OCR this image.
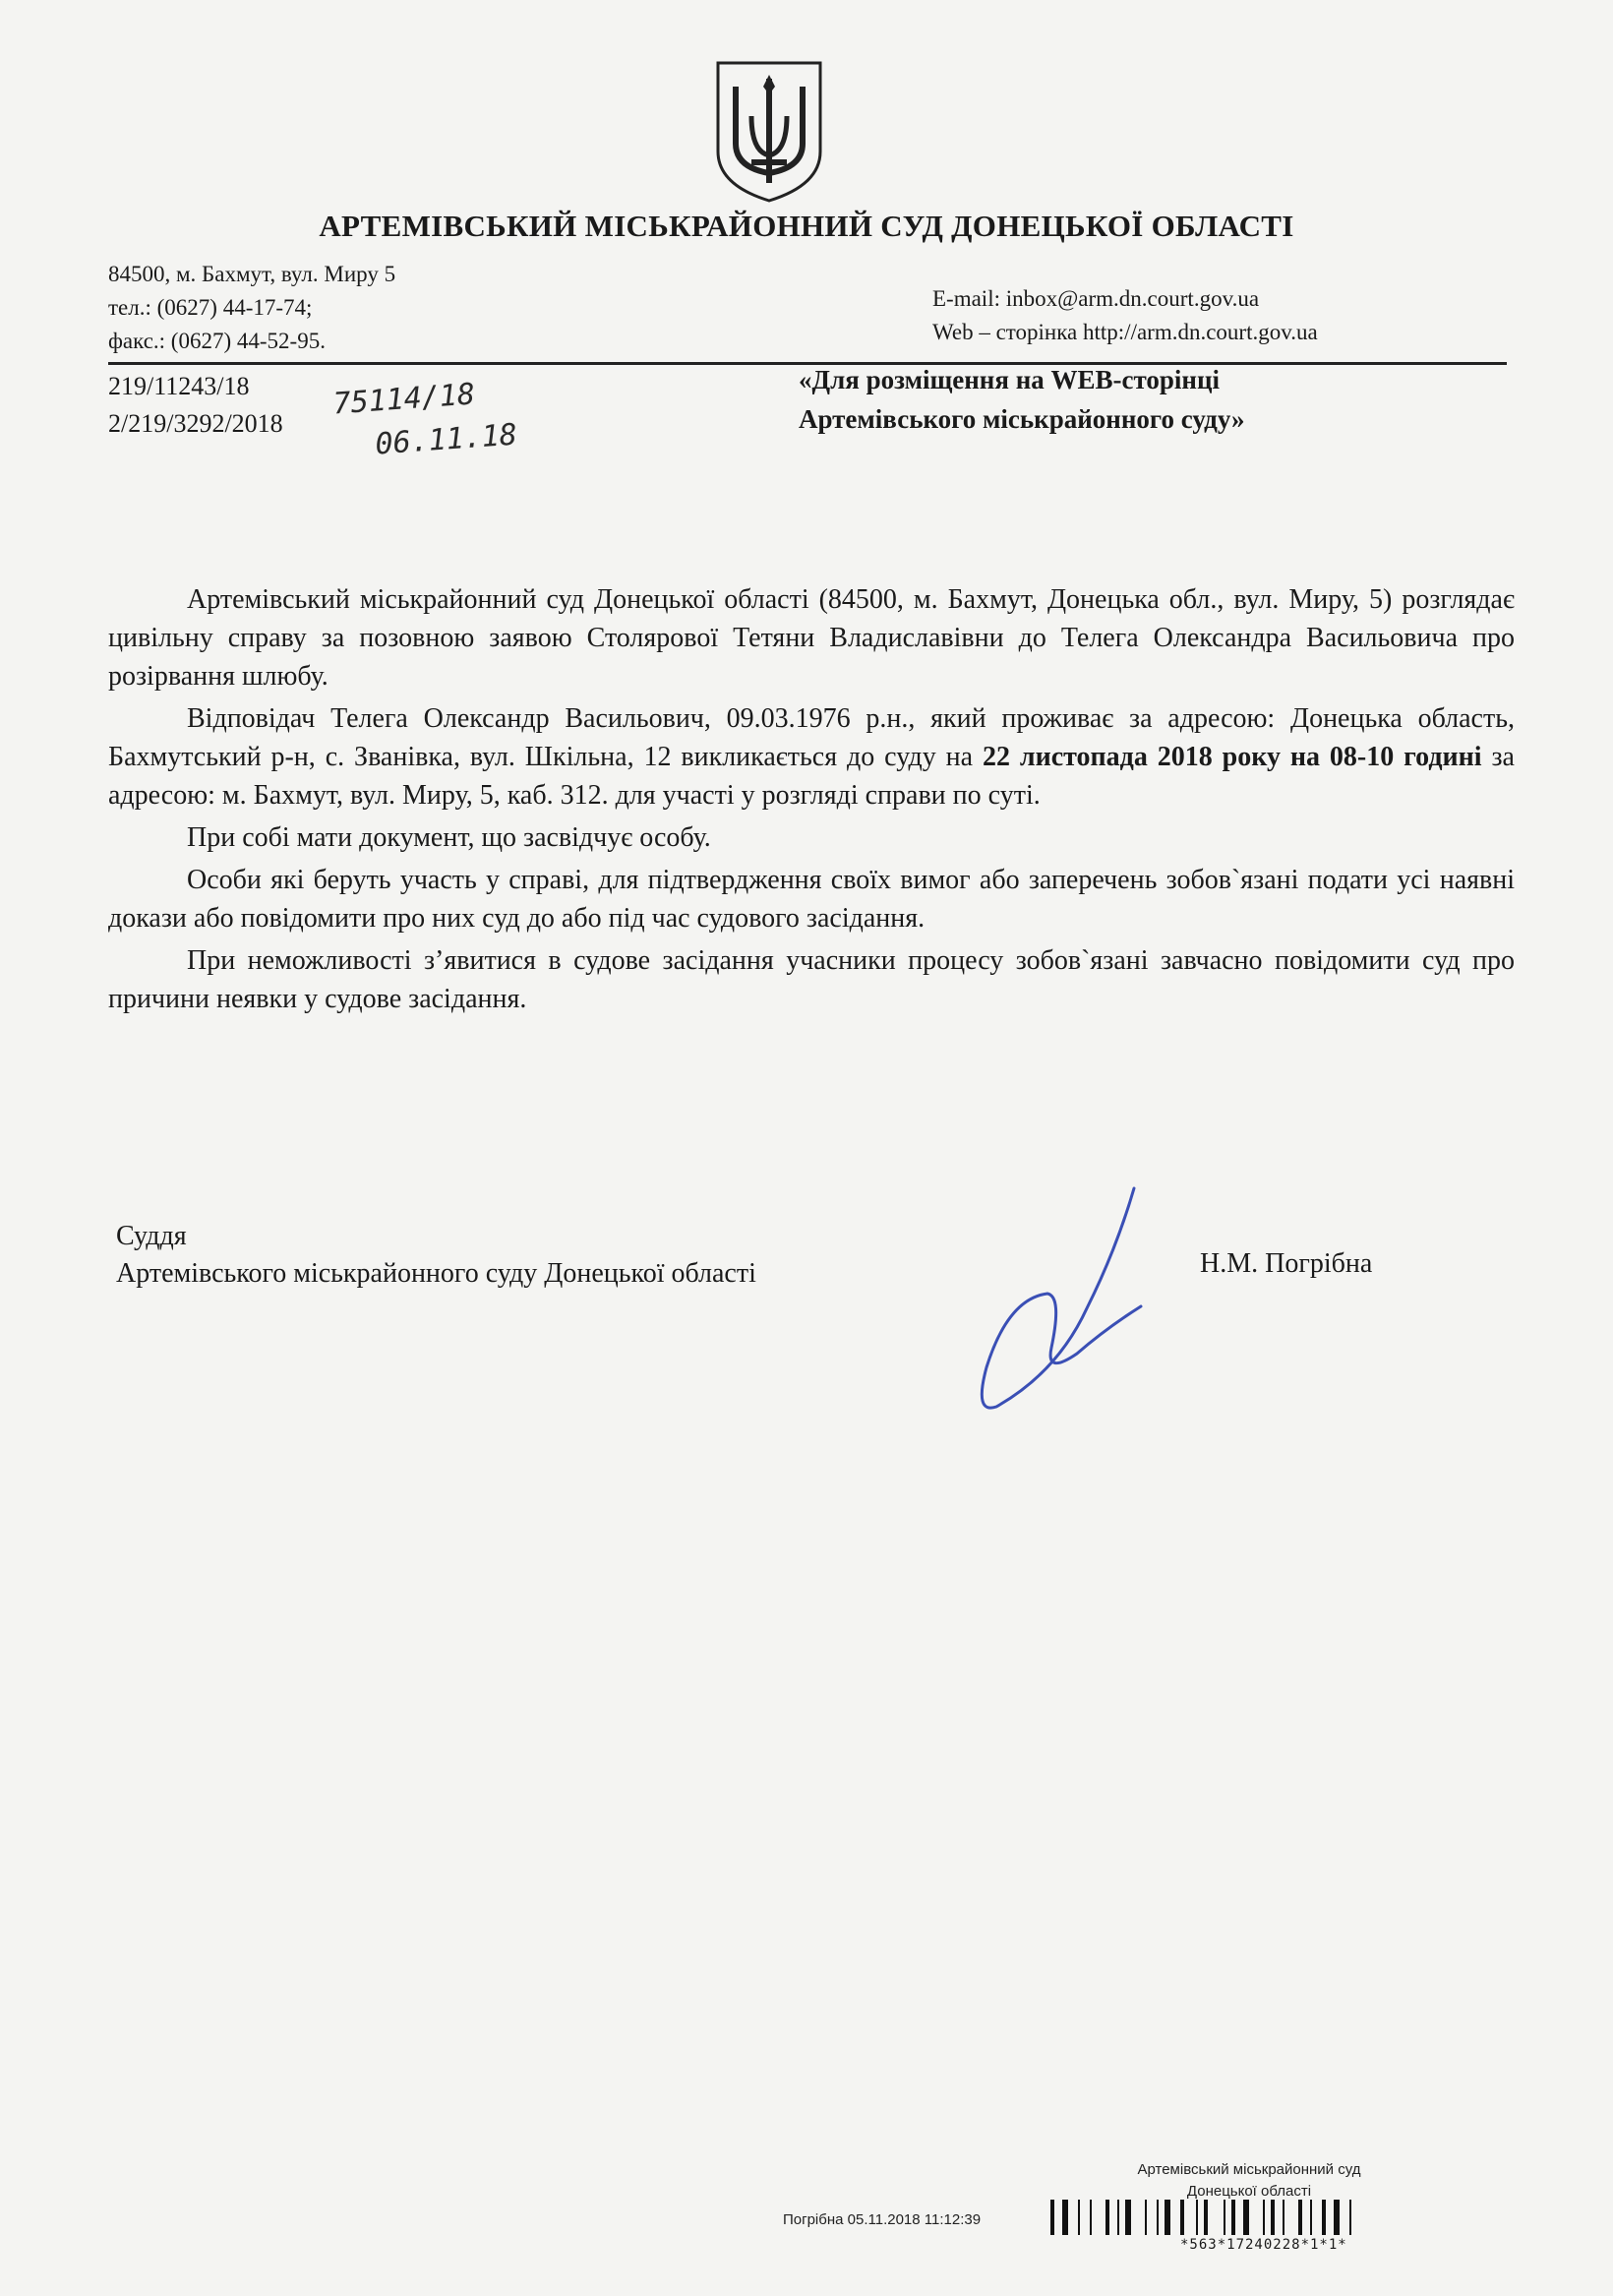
АРТЕМІВСЬКИЙ МІСЬКРАЙОННИЙ СУД ДОНЕЦЬКОЇ ОБЛАСТІ
84500, м. Бахмут, вул. Миру 5
тел.: (0627) 44-17-74;
факс.: (0627) 44-52-95.
E-mail: inbox@arm.dn.court.gov.ua
Web – сторінка http://arm.dn.court.gov.ua
219/11243/18
2/219/3292/2018
75114/18
06.11.18
«Для розміщення на WEB-сторінці
Артемівського міськрайонного суду»

Артемівський міськрайонний суд Донецької області (84500, м. Бахмут, Донецька обл., вул. Миру, 5) розглядає цивільну справу за позовною заявою Столярової Тетяни Владиславівни до Телега Олександра Васильовича про розірвання шлюбу.

Відповідач Телега Олександр Васильович, 09.03.1976 р.н., який проживає за адресою: Донецька область, Бахмутський р-н, с. Званівка, вул. Шкільна, 12 викликається до суду на 22 листопада 2018 року на 08-10 годині за адресою: м. Бахмут, вул. Миру, 5, каб. 312. для участі у розгляді справи по суті.

При собі мати документ, що засвідчує особу.

Особи які беруть участь у справі, для підтвердження своїх вимог або заперечень зобов`язані подати усі наявні докази або повідомити про них суд до або під час судового засідання.

При неможливості з’явитися в судове засідання учасники процесу зобов`язані завчасно повідомити суд про причини неявки у судове засідання.

Суддя
Артемівського міськрайонного суду Донецької області	Н.М. Погрібна
Артемівський міськрайонний суд
Донецької області
Погрібна 05.11.2018 11:12:39
*563*17240228*1*1*
